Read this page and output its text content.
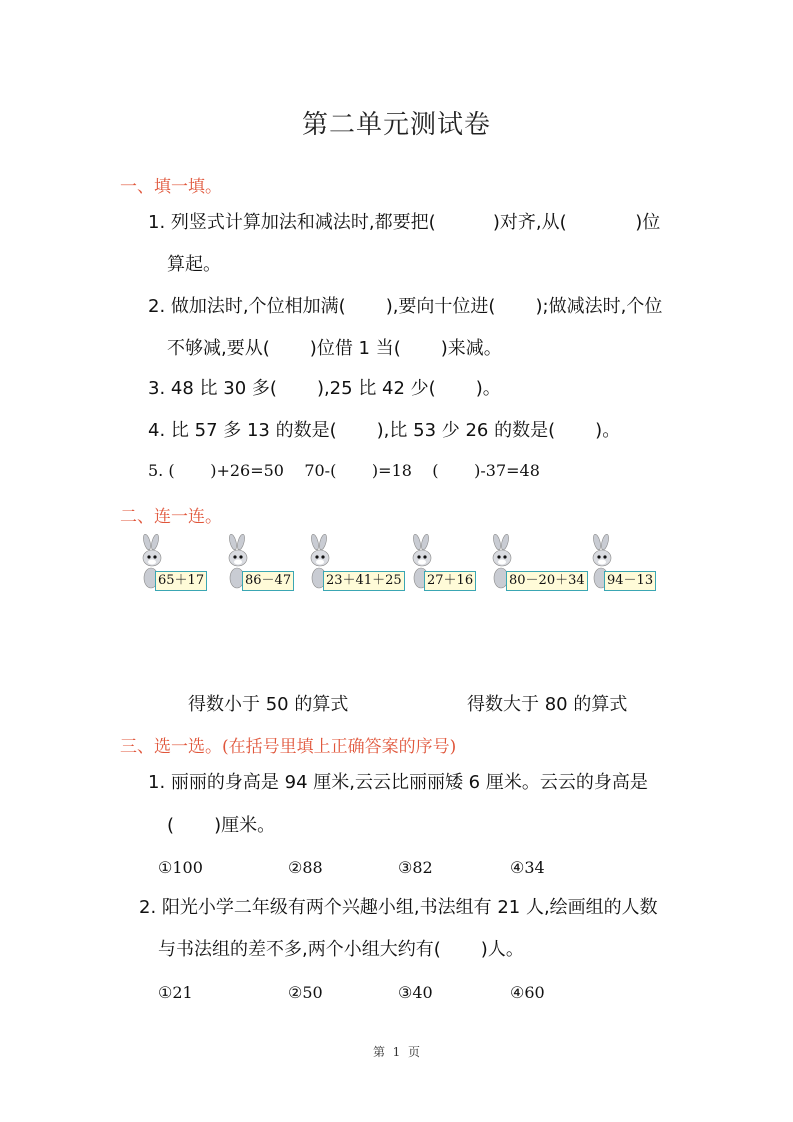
第二单元测试卷
一、填一填。
1. 列竖式计算加法和减法时,都要把(          )对齐,从(            )位
算起。
2. 做加法时,个位相加满(       ),要向十位进(       );做减法时,个位
不够减,要从(       )位借 1 当(       )来减。
3. 48 比 30 多(       ),25 比 42 少(       )。
4. 比 57 多 13 的数是(       ),比 53 少 26 的数是(       )。
5. (       )+26=50    70-(       )=18    (       )-37=48
二、连一连。
65＋17	86－47	23＋41＋25 27＋16	80－20＋34 94－13
得数小于 50 的算式	得数大于 80 的算式
三、选一选。(在括号里填上正确答案的序号)
1. 丽丽的身高是 94 厘米,云云比丽丽矮 6 厘米。云云的身高是
(       )厘米。
①100	②88	③82	④34
2. 阳光小学二年级有两个兴趣小组,书法组有 21 人,绘画组的人数
与书法组的差不多,两个小组大约有(       )人。
①21	②50	③40	④60
第  1  页
